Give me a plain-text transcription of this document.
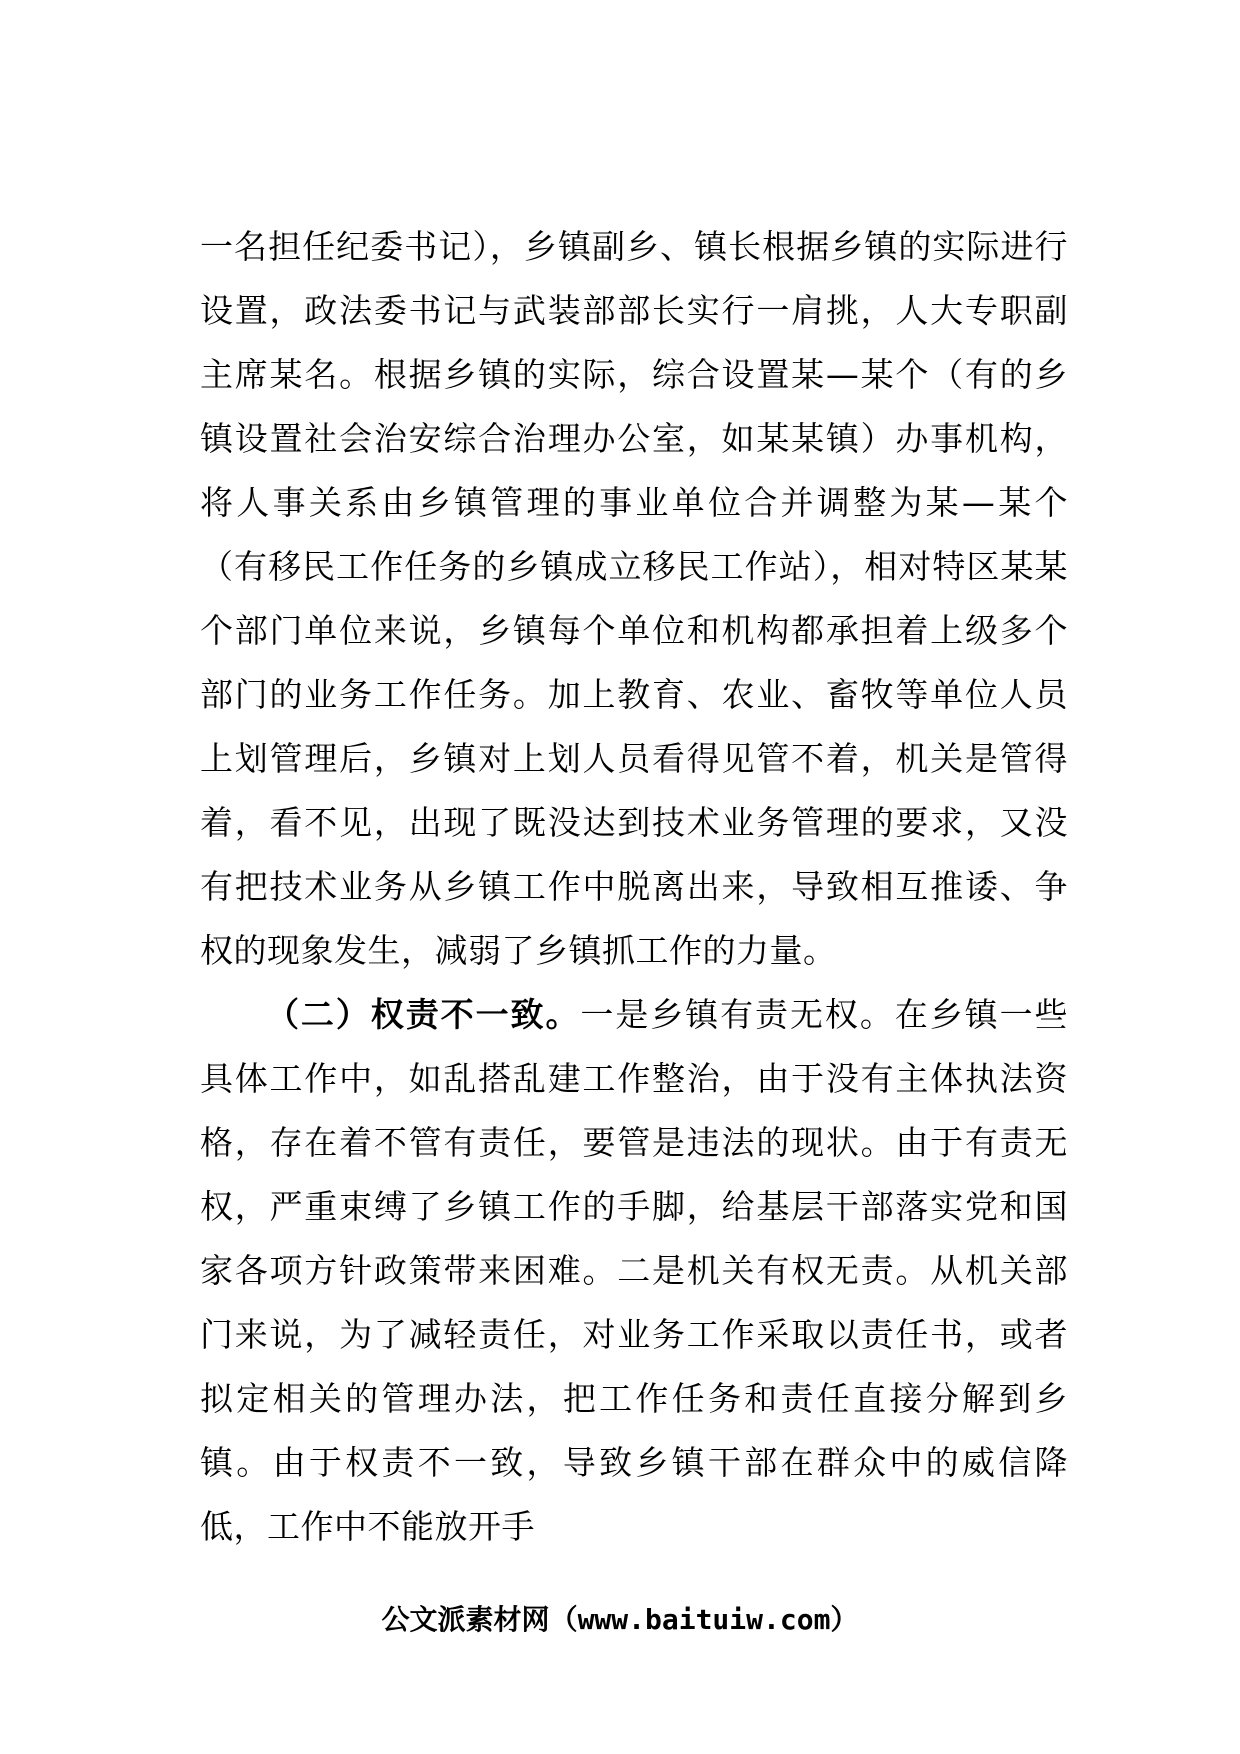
一名担任纪委书记），乡镇副乡、镇长根据乡镇的实际进行设置，政法委书记与武装部部长实行一肩挑，人大专职副主席某名。根据乡镇的实际，综合设置某—某个（有的乡镇设置社会治安综合治理办公室，如某某镇）办事机构，将人事关系由乡镇管理的事业单位合并调整为某—某个（有移民工作任务的乡镇成立移民工作站），相对特区某某个部门单位来说，乡镇每个单位和机构都承担着上级多个部门的业务工作任务。加上教育、农业、畜牧等单位人员上划管理后，乡镇对上划人员看得见管不着，机关是管得着，看不见，出现了既没达到技术业务管理的要求，又没有把技术业务从乡镇工作中脱离出来，导致相互推诿、争权的现象发生，减弱了乡镇抓工作的力量。

（二）权责不一致。一是乡镇有责无权。在乡镇一些具体工作中，如乱搭乱建工作整治，由于没有主体执法资格，存在着不管有责任，要管是违法的现状。由于有责无权，严重束缚了乡镇工作的手脚，给基层干部落实党和国家各项方针政策带来困难。二是机关有权无责。从机关部门来说，为了减轻责任，对业务工作采取以责任书，或者拟定相关的管理办法，把工作任务和责任直接分解到乡镇。由于权责不一致，导致乡镇干部在群众中的威信降低，工作中不能放开手

公文派素材网（www.baituiw.com）
